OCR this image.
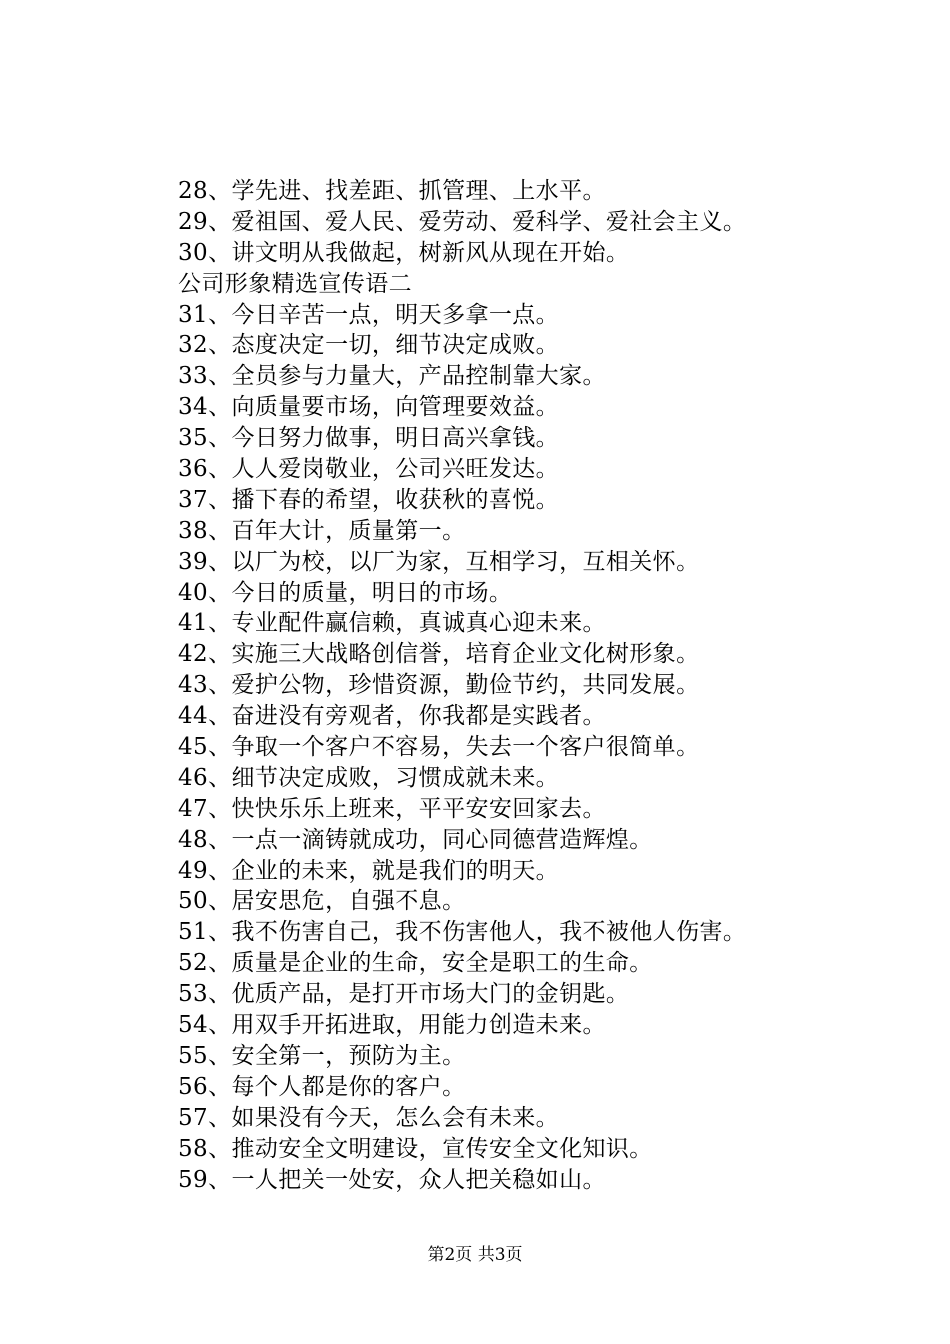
28、学先进、找差距、抓管理、上水平。
29、爱祖国、爱人民、爱劳动、爱科学、爱社会主义。
30、讲文明从我做起，树新风从现在开始。
公司形象精选宣传语二
31、今日辛苦一点，明天多拿一点。
32、态度决定一切，细节决定成败。
33、全员参与力量大，产品控制靠大家。
34、向质量要市场，向管理要效益。
35、今日努力做事，明日高兴拿钱。
36、人人爱岗敬业，公司兴旺发达。
37、播下春的希望，收获秋的喜悦。
38、百年大计，质量第一。
39、以厂为校，以厂为家，互相学习，互相关怀。
40、今日的质量，明日的市场。
41、专业配件赢信赖，真诚真心迎未来。
42、实施三大战略创信誉，培育企业文化树形象。
43、爱护公物，珍惜资源，勤俭节约，共同发展。
44、奋进没有旁观者，你我都是实践者。
45、争取一个客户不容易，失去一个客户很简单。
46、细节决定成败，习惯成就未来。
47、快快乐乐上班来，平平安安回家去。
48、一点一滴铸就成功，同心同德营造辉煌。
49、企业的未来，就是我们的明天。
50、居安思危，自强不息。
51、我不伤害自己，我不伤害他人，我不被他人伤害。
52、质量是企业的生命，安全是职工的生命。
53、优质产品，是打开市场大门的金钥匙。
54、用双手开拓进取，用能力创造未来。
55、安全第一，预防为主。
56、每个人都是你的客户。
57、如果没有今天，怎么会有未来。
58、推动安全文明建设，宣传安全文化知识。
59、一人把关一处安，众人把关稳如山。
第2页 共3页
